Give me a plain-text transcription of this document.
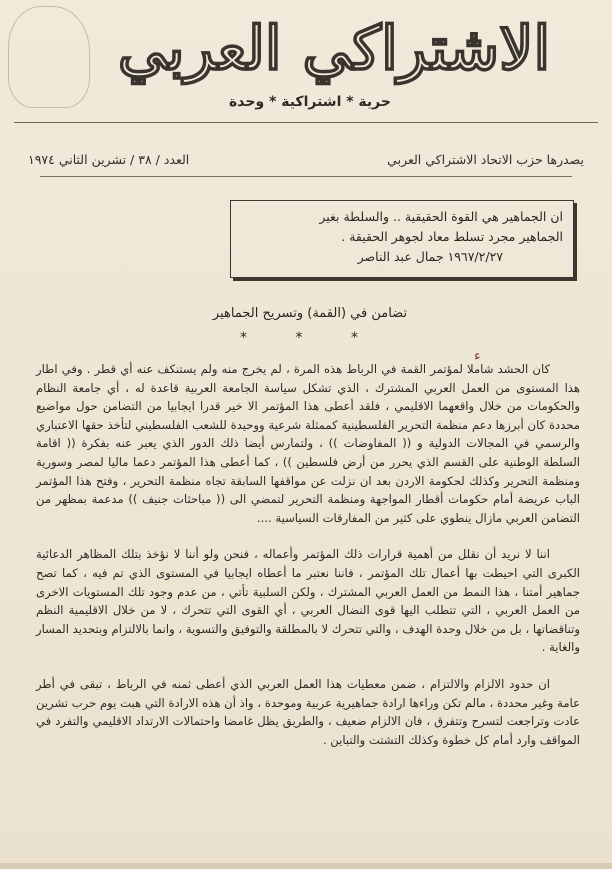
الاشتراكي العربي
حرية * اشتراكية * وحدة
يصدرها حزب الاتحاد الاشتراكي العربي
العدد / ٣٨ / تشرين الثاني ١٩٧٤
ان الجماهير هي القوة الحقيقية .. والسلطة بغير
الجماهير مجرد تسلط معاد لجوهر الحقيقة .

١٩٦٧/٢/٢٧ جمال عبد الناصر
تضامن في (القمة) وتسريح الجماهير
* * *
ء

كان الحشد شاملا لمؤتمر القمة في الرباط هذه المرة ، لم يخرج منه ولم يستنكف عنه أي قطر . وفي اطار هذا المستوى من العمل العربي المشترك ، الذي تشكل سياسة الجامعة العربية قاعدة له ، أي جامعة النظام والحكومات من خلال واقعهما الاقليمي ، فلقد أعطى هذا المؤتمر الا خير قدرا ايجابيا من التضامن حول مواضيع محددة كان أبرزها دعم منظمة التحرير الفلسطينية كممثلة شرعية ووحيدة للشعب الفلسطيني لتأخذ حقها الاعتباري والرسمي في المجالات الدولية و (( المفاوضات )) ، ولتمارس أيضا ذلك الدور الذي يعبر عنه بفكرة (( اقامة السلطة الوطنية على القسم الذي يحرر من أرض فلسطين )) ، كما أعطى هذا المؤتمر دعما ماليا لمصر وسورية ومنظمة التحرير وكذلك لحكومة الاردن بعد ان نزلت عن مواقفها السابقة تجاه منظمة التحرير ، وفتح هذا المؤتمر الباب عريضة أمام حكومات أقطار المواجهة ومنظمة التحرير لتمضي الى (( مباحثات جنيف )) مدعمة بمظهر من التضامن العربي مازال ينطوي على كثير من المفارقات السياسية ....

اننا لا نريد أن نقلل من أهمية قرارات ذلك المؤتمر وأعماله ، فنحن ولو أننا لا نؤخذ بتلك المظاهر الدعائية الكبرى التي احيطت بها أعمال تلك المؤتمر ، فاننا نعتبر ما أعطاه ايجابيا في المستوى الذي تم فيه ، كما تصح جماهير أمتنا ، هذا النمط من العمل العربي المشترك ، ولكن السلبية تأتي ، من عدم وجود تلك المستويات الاخرى من العمل العربي ، التي تتطلب اليها قوى النضال العربي ، أي القوى التي تتحرك ، لا من خلال الاقليمية النظم وتناقضاتها ، بل من خلال وحدة الهدف ، والتي تتحرك لا بالمطلقة والتوفيق والتسوية ، وانما بالالتزام وبتحديد المسار والغاية .

ان حدود الالزام والالتزام ، ضمن معطيات هذا العمل العربي الذي أعطى ثمنه في الرباط ، تبقى في أطر عامة وغير محددة ، مالم تكن وراءها ارادة جماهيرية عربية وموحدة ، واذ أن هذه الارادة التي هبت يوم حرب تشرين عادت وتراجعت لتسرح وتتفرق ، فان الالزام ضعيف ، والطريق يظل غامضا واحتمالات الارتداد الاقليمي والتفرد في المواقف وارد أمام كل خطوة وكذلك التشتت والتباين .
